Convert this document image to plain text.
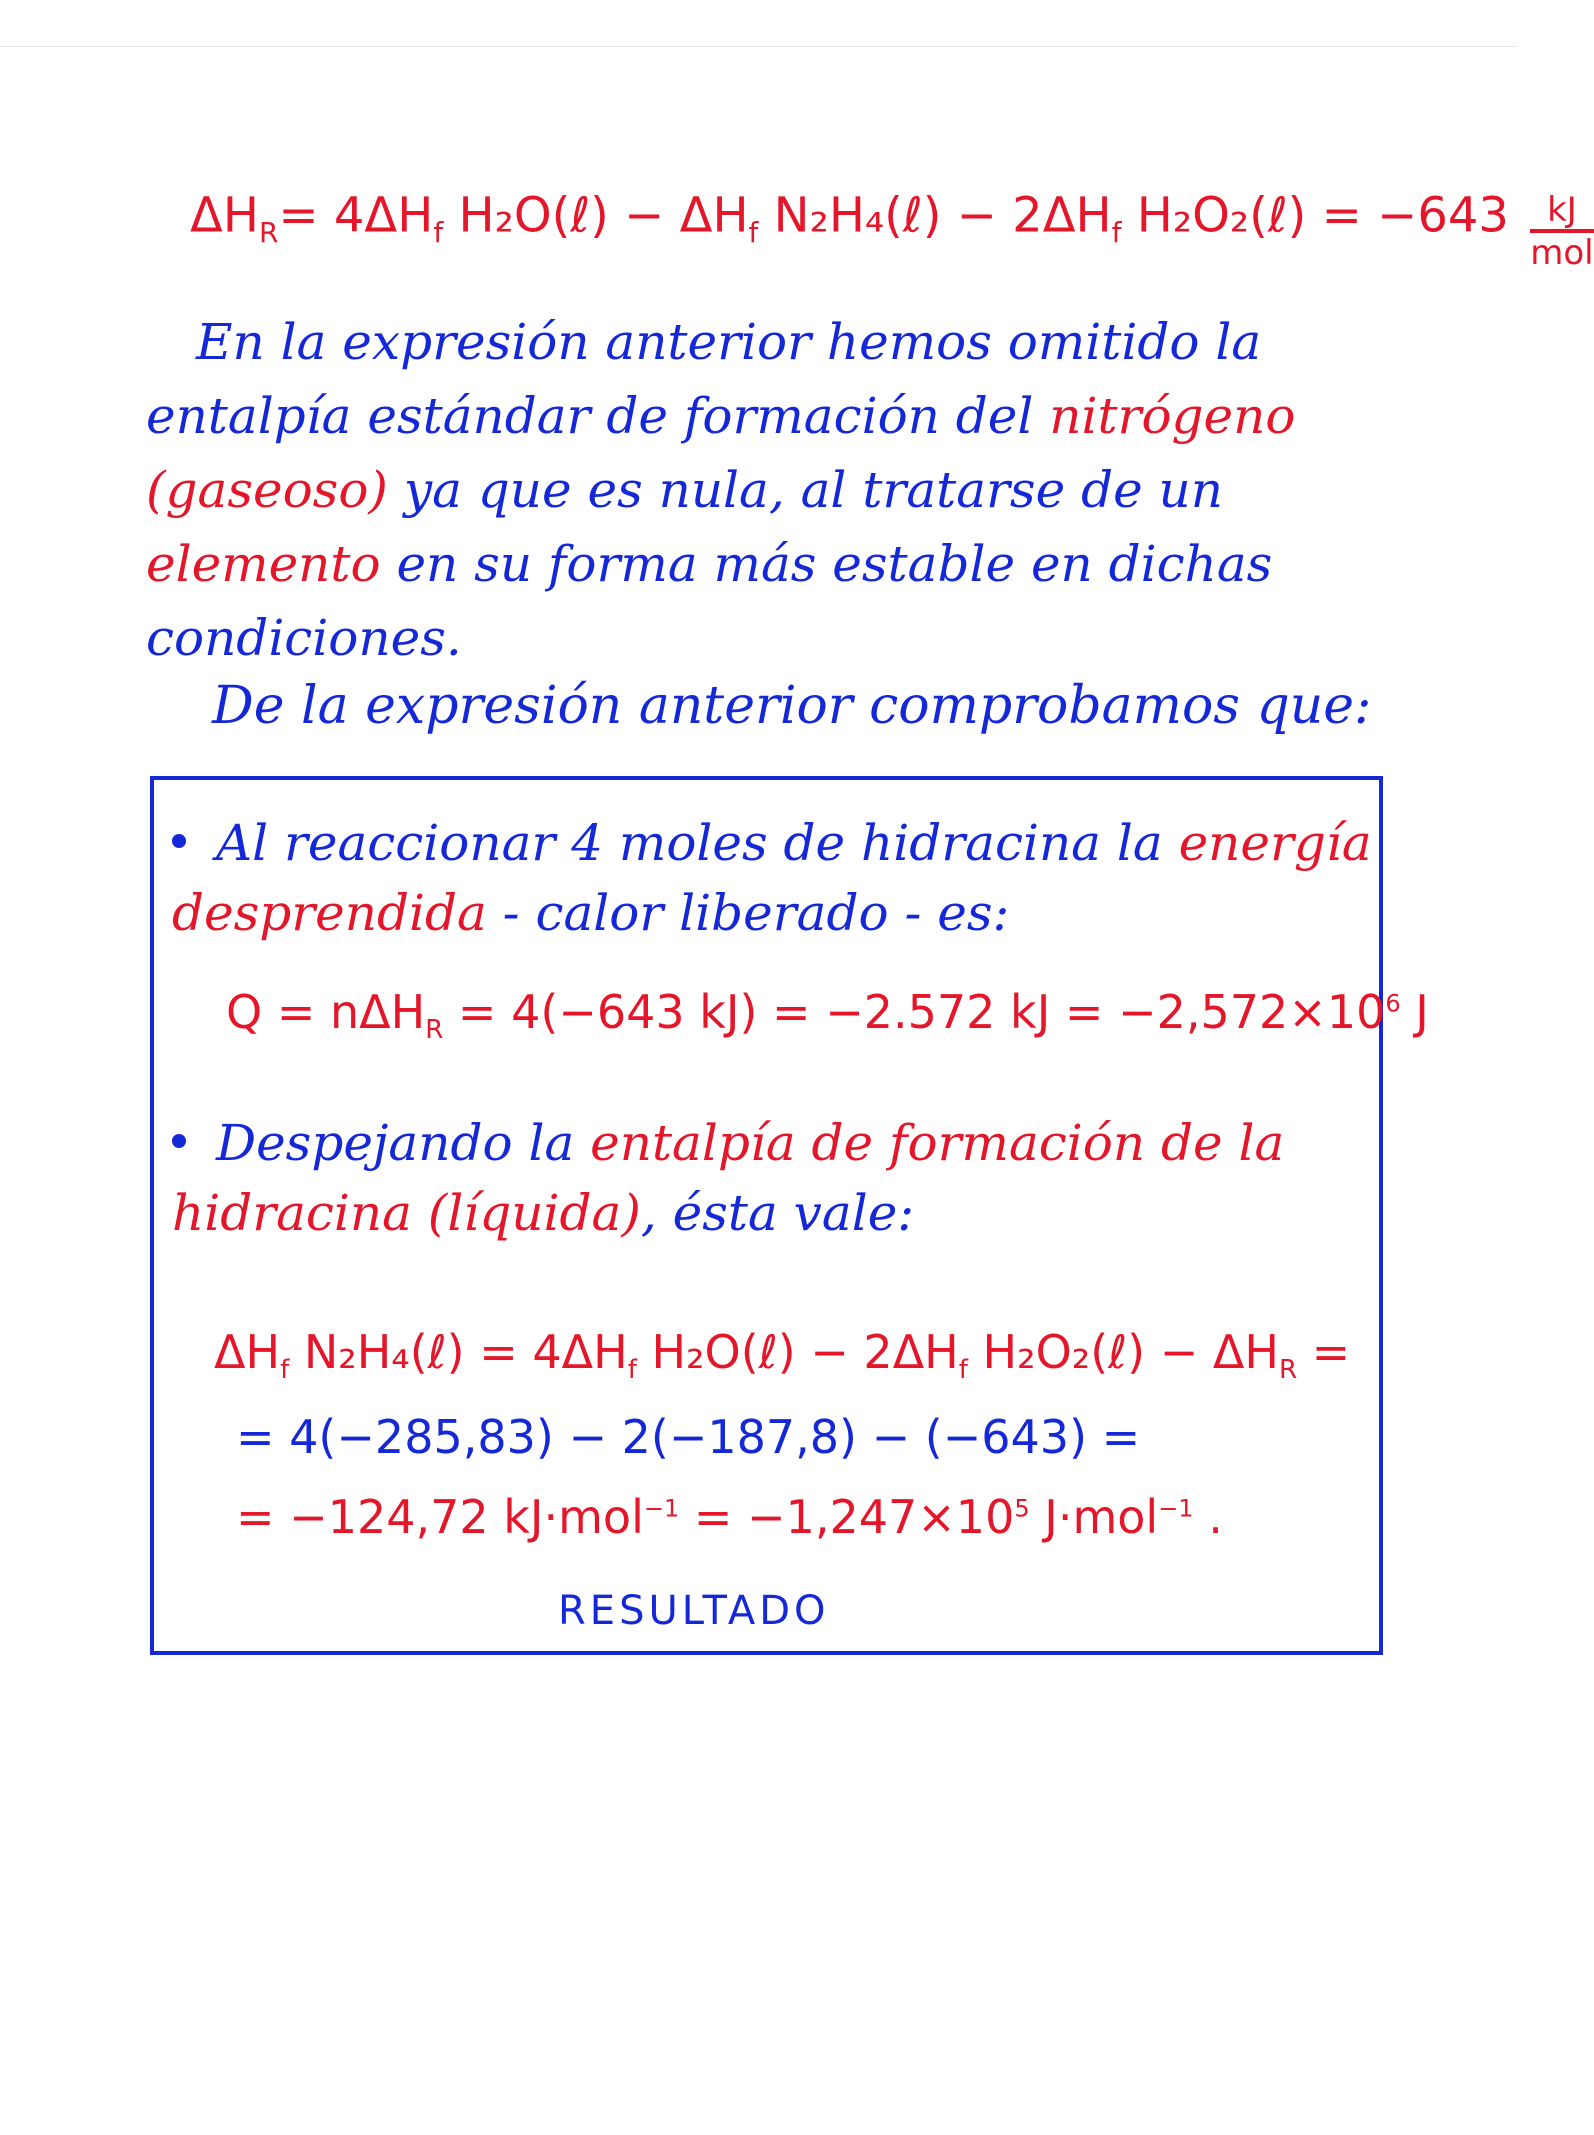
$\Delta H_R= 4\Delta H_f$ H₂O(ℓ) − $\Delta H_f$ N₂H₄(ℓ) − $2\Delta H_f$ H₂O₂(ℓ) = $-643 \frac{kJ}{\text{mol}}$
En la expresión anterior hemos omitido la entalpía estándar de formación del nitrógeno (gaseoso) ya que es nula, al tratarse de un elemento en su forma más estable en dichas condiciones.
De la expresión anterior comprobamos que:
Al reaccionar 4 moles de hidracina la energía desprendida - calor liberado - es:
Q = nΔH$_R$ = 4(−643 kJ) = −2.572 kJ = $-2,572\times 10^6$ J
Despejando la entalpía de formación de la hidracina (líquida), ésta vale:
$\Delta H_f$ N₂H₄(ℓ) = $4\Delta H_f$ H₂O(ℓ) − $2\Delta H_f$ H₂O₂(ℓ) − $\Delta H_R$ =
= 4(−285,83) − 2(−187,8) − (−643) =
= −124,72 $kJ\cdot mol^{-1} = -1,247\times 10^5$ J·mol$^{-1}$ .
RESULTADO
